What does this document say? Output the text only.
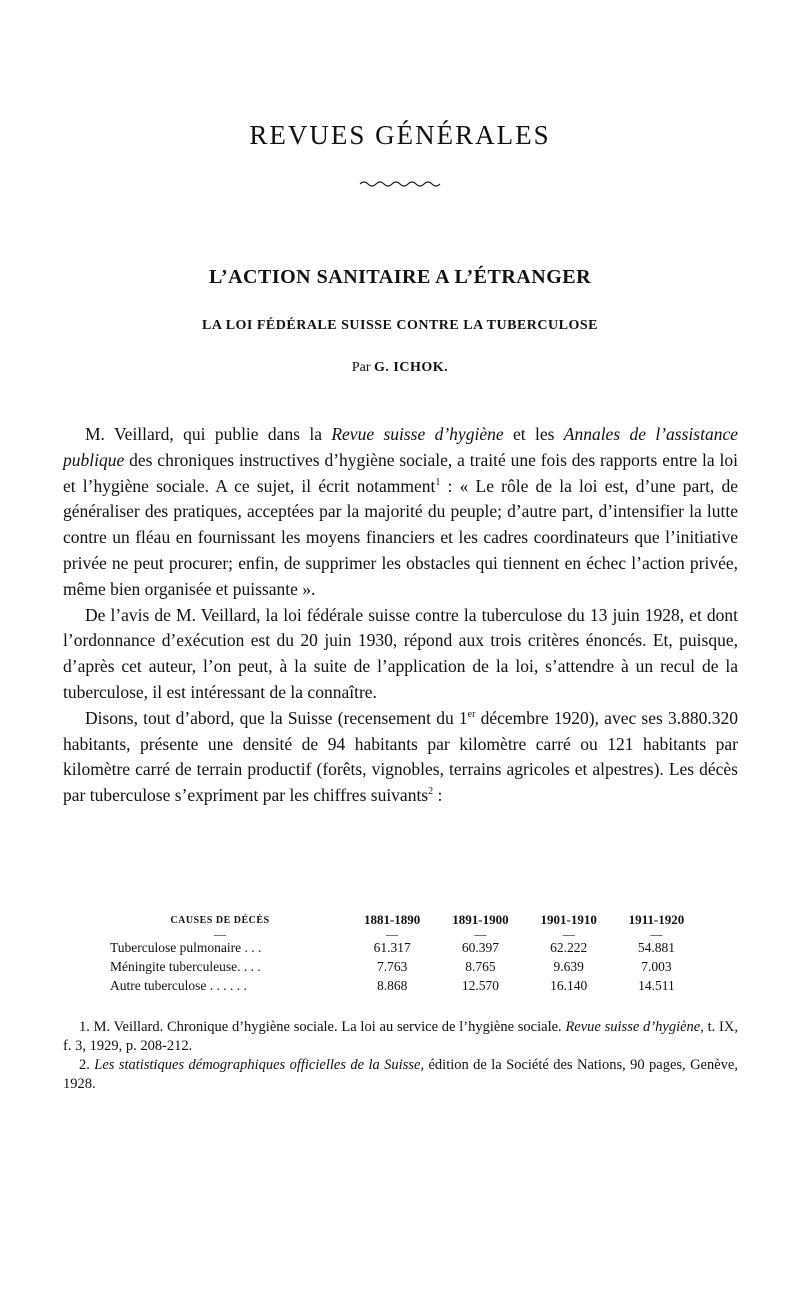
REVUES GÉNÉRALES
L’ACTION SANITAIRE A L’ÉTRANGER
LA LOI FÉDÉRALE SUISSE CONTRE LA TUBERCULOSE
Par G. ICHOK.

M. Veillard, qui publie dans la Revue suisse d’hygiène et les Annales de l’assistance publique des chroniques instructives d’hygiène sociale, a traité une fois des rapports entre la loi et l’hygiène sociale. A ce sujet, il écrit notamment$^1$ : « Le rôle de la loi est, d’une part, de généraliser des pratiques, acceptées par la majorité du peuple; d’autre part, d’intensifier la lutte contre un fléau en fournissant les moyens financiers et les cadres coordinateurs que l’initiative privée ne peut procurer; enfin, de supprimer les obstacles qui tiennent en échec l’action privée, même bien organisée et puissante ».

De l’avis de M. Veillard, la loi fédérale suisse contre la tuberculose du 13 juin 1928, et dont l’ordonnance d’exécution est du 20 juin 1930, répond aux trois critères énoncés. Et, puisque, d’après cet auteur, l’on peut, à la suite de l’application de la loi, s’attendre à un recul de la tuberculose, il est intéressant de la connaître.

Disons, tout d’abord, que la Suisse (recensement du 1er décembre 1920), avec ses 3.880.320 habitants, présente une densité de 94 habitants par kilomètre carré ou 121 habitants par kilomètre carré de terrain productif (forêts, vignobles, terrains agricoles et alpestres). Les décès par tuberculose s’expriment par les chiffres suivants$^2$ :

CAUSES DE DÉCÈS	1881-1890	1891-1900	1901-1910	1911-1920
—	—	—	—	—
Tuberculose pulmonaire . . .	61.317	60.397	62.222	54.881
Méningite tuberculeuse. . . .	7.763	8.765	9.639	7.003
Autre tuberculose . . . . . .	8.868	12.570	16.140	14.511

1. M. Veillard. Chronique d’hygiène sociale. La loi au service de l’hygiène sociale. Revue suisse d’hygiène, t. IX, f. 3, 1929, p. 208-212.

2. Les statistiques démographiques officielles de la Suisse, édition de la Société des Nations, 90 pages, Genève, 1928.
